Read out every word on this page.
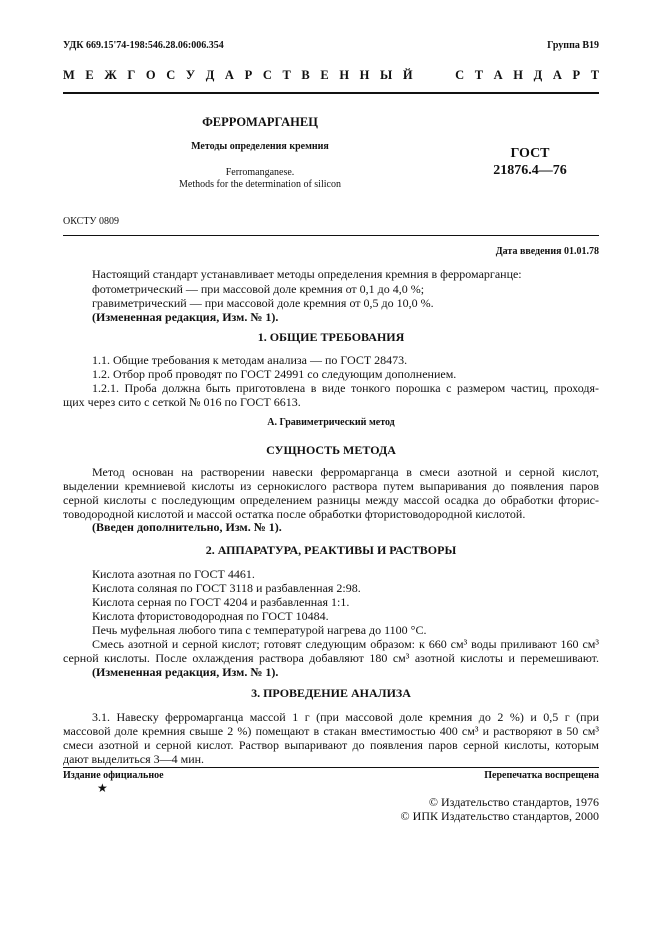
УДК 669.15'74-198:546.28.06:006.354	Группа В19
М Е Ж Г О С У Д А Р С Т В Е Н Н Ы Й	С Т А Н Д А Р Т
ФЕРРОМАРГАНЕЦ
Методы определения кремния
Ferromanganese.
Methods for the determination of silicon
ГОСТ
21876.4—76
ОКСТУ 0809
Дата введения 01.01.78
Настоящий стандарт устанавливает методы определения кремния в ферромарганце:
фотометрический — при массовой доле кремния от 0,1 до 4,0 %;
гравиметрический — при массовой доле кремния от 0,5 до 10,0 %.
(Измененная редакция, Изм. № 1).
1. ОБЩИЕ ТРЕБОВАНИЯ
1.1. Общие требования к методам анализа — по ГОСТ 28473.
1.2. Отбор проб проводят по ГОСТ 24991 со следующим дополнением.
1.2.1. Проба должна быть приготовлена в виде тонкого порошка с размером частиц, проходя-
щих через сито с сеткой № 016 по ГОСТ 6613.
А. Гравиметрический метод
СУЩНОСТЬ МЕТОДА
Метод основан на растворении навески ферромарганца в смеси азотной и серной кислот,
выделении кремниевой кислоты из сернокислого раствора путем выпаривания до появления паров
серной кислоты с последующим определением разницы между массой осадка до обработки фторис-
товодородной кислотой и массой остатка после обработки фтористоводородной кислотой.
(Введен дополнительно, Изм. № 1).
2. АППАРАТУРА, РЕАКТИВЫ И РАСТВОРЫ
Кислота азотная по ГОСТ 4461.
Кислота соляная по ГОСТ 3118 и разбавленная 2:98.
Кислота серная по ГОСТ 4204 и разбавленная 1:1.
Кислота фтористоводородная по ГОСТ 10484.
Печь муфельная любого типа с температурой нагрева до 1100 °С.
Смесь азотной и серной кислот; готовят следующим образом: к 660 см³ воды приливают 160 см³
серной кислоты. После охлаждения раствора добавляют 180 см³ азотной кислоты и перемешивают.
(Измененная редакция, Изм. № 1).
3. ПРОВЕДЕНИЕ АНАЛИЗА
3.1. Навеску ферромарганца массой 1 г (при массовой доле кремния до 2 %) и 0,5 г (при
массовой доле кремния свыше 2 %) помещают в стакан вместимостью 400 см³ и растворяют в 50 см³
смеси азотной и серной кислот. Раствор выпаривают до появления паров серной кислоты, которым
дают выделиться 3—4 мин.
Издание официальное
★
Перепечатка воспрещена
© Издательство стандартов, 1976
© ИПК Издательство стандартов, 2000
